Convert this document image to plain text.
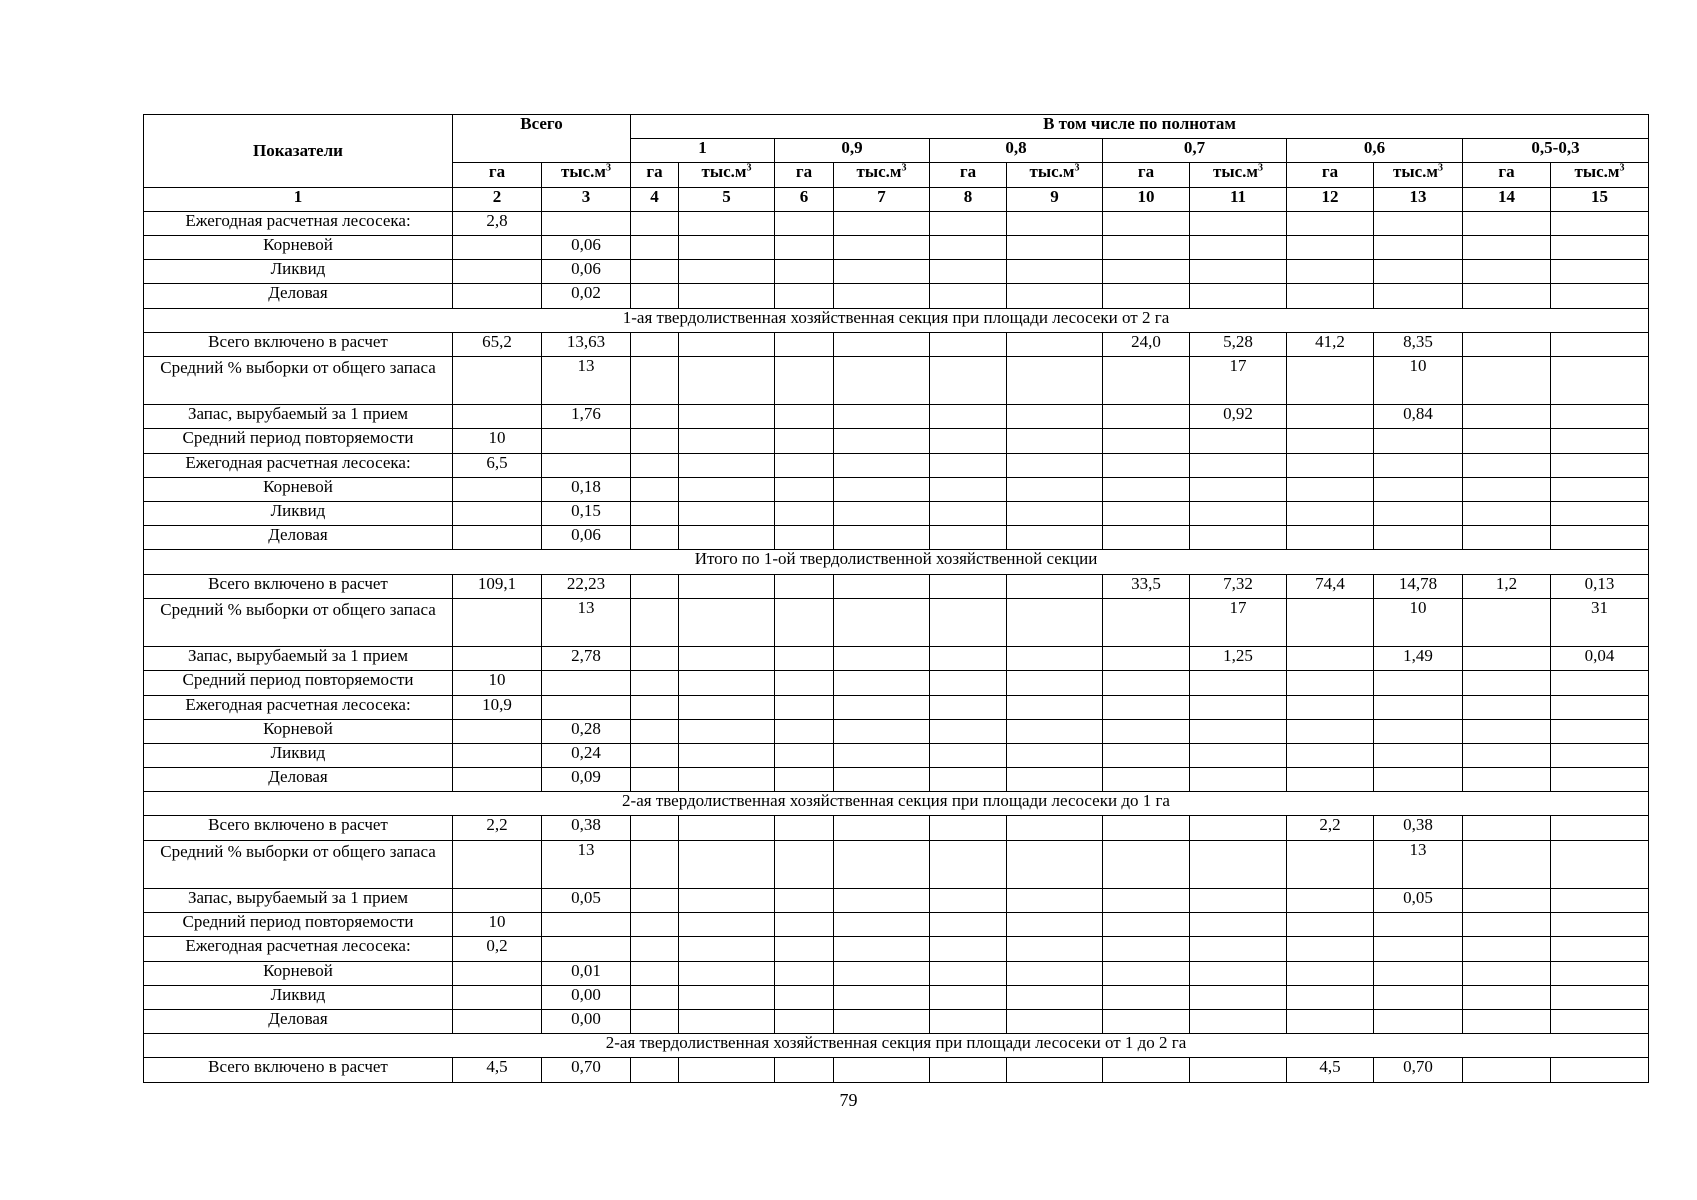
Показатели	Всего		В том числе по полнотам											
			1		0,9		0,8		0,7		0,6		0,5-0,3	
	га	$тыс.м^3$	га	$тыс.м^3$	га	$тыс.м^3$	га	$тыс.м^3$	га	$тыс.м^3$	га	$тыс.м^3$	га	$тыс.м^3$
1	2	3	4	5	6	7	8	9	10	11	12	13	14	15
Ежегодная расчетная лесосека:	2,8													
Корневой		0,06												
Ликвид		0,06												
Деловая		0,02												
1-ая твердолиственная хозяйственная секция при площади лесосеки от 2 га														
Всего включено в расчет	65,2	13,63							24,0	5,28	41,2	8,35		
Средний % выборки от общего запаса		13								17		10		
Запас, вырубаемый за 1 прием		1,76								0,92		0,84		
Средний период повторяемости	10													
Ежегодная расчетная лесосека:	6,5													
Корневой		0,18												
Ликвид		0,15												
Деловая		0,06												
Итого по 1-ой твердолиственной хозяйственной секции														
Всего включено в расчет	109,1	22,23							33,5	7,32	74,4	14,78	1,2	0,13
Средний % выборки от общего запаса		13								17		10		31
Запас, вырубаемый за 1 прием		2,78								1,25		1,49		0,04
Средний период повторяемости	10													
Ежегодная расчетная лесосека:	10,9													
Корневой		0,28												
Ликвид		0,24												
Деловая		0,09												
2-ая твердолиственная хозяйственная секция при площади лесосеки до 1 га														
Всего включено в расчет	2,2	0,38									2,2	0,38		
Средний % выборки от общего запаса		13										13		
Запас, вырубаемый за 1 прием		0,05										0,05		
Средний период повторяемости	10													
Ежегодная расчетная лесосека:	0,2													
Корневой		0,01												
Ликвид		0,00												
Деловая		0,00												
2-ая твердолиственная хозяйственная секция при площади лесосеки от 1 до 2 га														
Всего включено в расчет	4,5	0,70									4,5	0,70		
79
